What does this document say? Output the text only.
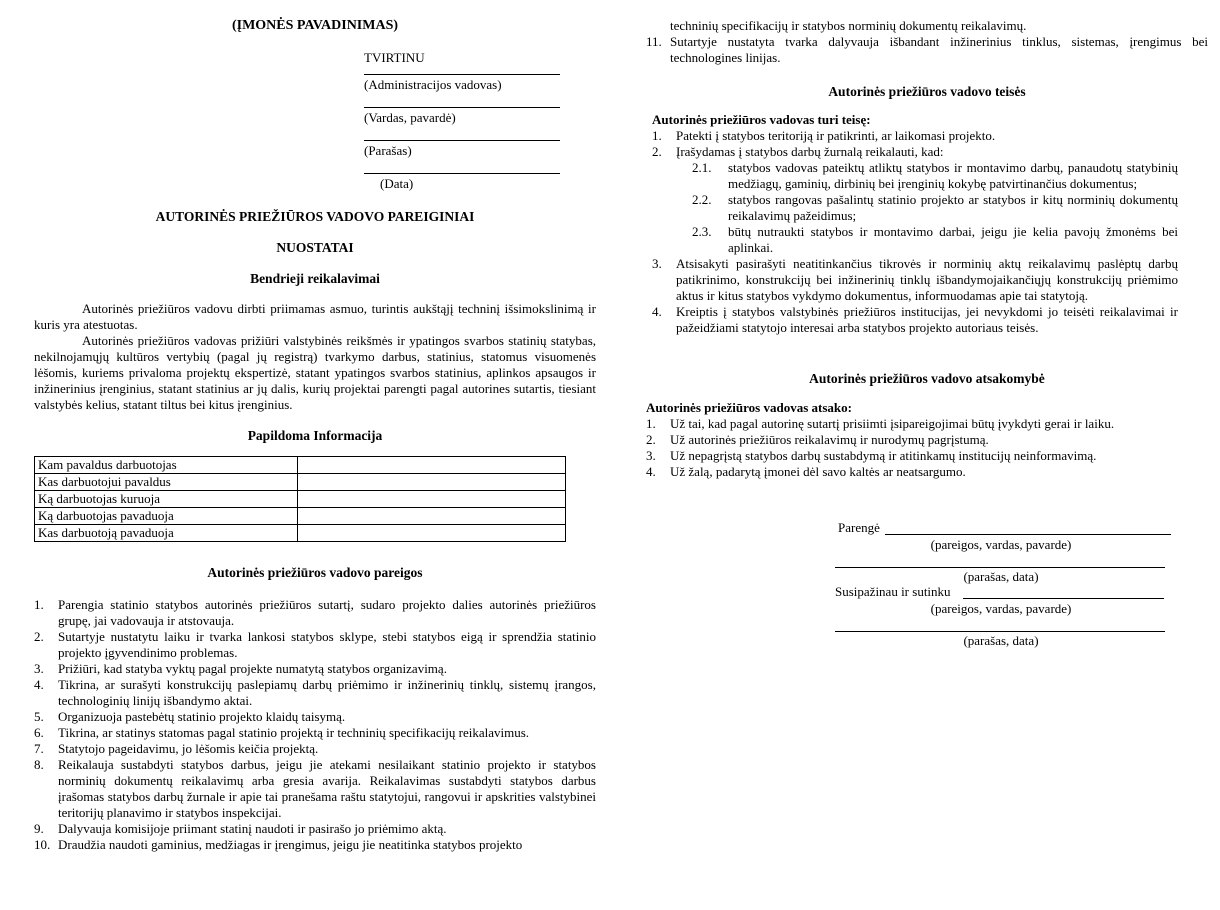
(ĮMONĖS PAVADINIMAS)
TVIRTINU
(Administracijos vadovas)
(Vardas, pavardė)
(Parašas)
(Data)
AUTORINĖS PRIEŽIŪROS VADOVO PAREIGINIAI
NUOSTATAI
Bendrieji reikalavimai
Autorinės priežiūros vadovu dirbti priimamas asmuo, turintis aukštąjį techninį išsimokslinimą ir kuris yra atestuotas.
Autorinės priežiūros vadovas prižiūri valstybinės reikšmės ir ypatingos svarbos statinių statybas, nekilnojamųjų kultūros vertybių (pagal jų registrą) tvarkymo darbus, statinius, statomus visuomenės lėšomis, kuriems privaloma projektų ekspertizė, statant ypatingos svarbos statinius, aplinkos apsaugos ir inžinerinius įrenginius, statant statinius ar jų dalis, kurių projektai parengti pagal autorines sutartis, tiesiant valstybės kelius, statant tiltus bei kitus įrenginius.
Papildoma Informacija
Kam pavaldus darbuotojas	
Kas darbuotojui pavaldus	
Ką darbuotojas kuruoja	
Ką darbuotojas pavaduoja	
Kas darbuotoją pavaduoja	
Autorinės priežiūros vadovo pareigos
1. Parengia statinio statybos autorinės priežiūros sutartį, sudaro projekto dalies autorinės priežiūros grupę, jai vadovauja ir atstovauja.
2. Sutartyje nustatytu laiku ir tvarka lankosi statybos sklype, stebi statybos eigą ir sprendžia statinio projekto įgyvendinimo problemas.
3. Prižiūri, kad statyba vyktų pagal projekte numatytą statybos organizavimą.
4. Tikrina, ar surašyti konstrukcijų paslepiamų darbų priėmimo ir inžinerinių tinklų, sistemų įrangos, technologinių linijų išbandymo aktai.
5. Organizuoja pastebėtų statinio projekto klaidų taisymą.
6. Tikrina, ar statinys statomas pagal statinio projektą ir techninių specifikacijų reikalavimus.
7. Statytojo pageidavimu, jo lėšomis keičia projektą.
8. Reikalauja sustabdyti statybos darbus, jeigu jie atekami nesilaikant statinio projekto ir statybos norminių dokumentų reikalavimų arba gresia avarija. Reikalavimas sustabdyti statybos darbus įrašomas statybos darbų žurnale ir apie tai pranešama raštu statytojui, rangovui ir apskrities valstybinei teritorijų planavimo ir statybos inspekcijai.
9. Dalyvauja komisijoje priimant statinį naudoti ir pasirašo jo priėmimo aktą.
10. Draudžia naudoti gaminius, medžiagas ir įrengimus, jeigu jie neatitinka statybos projekto
techninių specifikacijų ir statybos norminių dokumentų reikalavimų.
11. Sutartyje nustatyta tvarka dalyvauja išbandant inžinerinius tinklus, sistemas, įrengimus bei technologines linijas.
Autorinės priežiūros vadovo teisės
Autorinės priežiūros vadovas turi teisę:
1. Patekti į statybos teritoriją ir patikrinti, ar laikomasi projekto.
2. Įrašydamas į statybos darbų žurnalą reikalauti, kad:
2.1. statybos vadovas pateiktų atliktų statybos ir montavimo darbų, panaudotų statybinių medžiagų, gaminių, dirbinių bei įrenginių kokybę patvirtinančius dokumentus;
2.2. statybos rangovas pašalintų statinio projekto ar statybos ir kitų norminių dokumentų reikalavimų pažeidimus;
2.3. būtų nutraukti statybos ir montavimo darbai, jeigu jie kelia pavojų žmonėms bei aplinkai.
3. Atsisakyti pasirašyti neatitinkančius tikrovės ir norminių aktų reikalavimų paslėptų darbų patikrinimo, konstrukcijų bei inžinerinių tinklų išbandymojaikančiųjų konstrukcijų priėmimo aktus ir kitus statybos vykdymo dokumentus, informuodamas apie tai statytoją.
4. Kreiptis į statybos valstybinės priežiūros institucijas, jei nevykdomi jo teisėti reikalavimai ir pažeidžiami statytojo interesai arba statybos projekto autoriaus teisės.
Autorinės priežiūros vadovo atsakomybė
Autorinės priežiūros vadovas atsako:
1. Už tai, kad pagal autorinę sutartį prisiimti įsipareigojimai būtų įvykdyti gerai ir laiku.
2. Už autorinės priežiūros reikalavimų ir nurodymų pagrįstumą.
3. Už nepagrįstą statybos darbų sustabdymą ir atitinkamų institucijų neinformavimą.
4. Už žalą, padarytą įmonei dėl savo kaltės ar neatsargumo.
Parengė
(pareigos, vardas, pavarde)
(parašas, data)
Susipažinau ir sutinku
(pareigos, vardas, pavarde)
(parašas, data)
